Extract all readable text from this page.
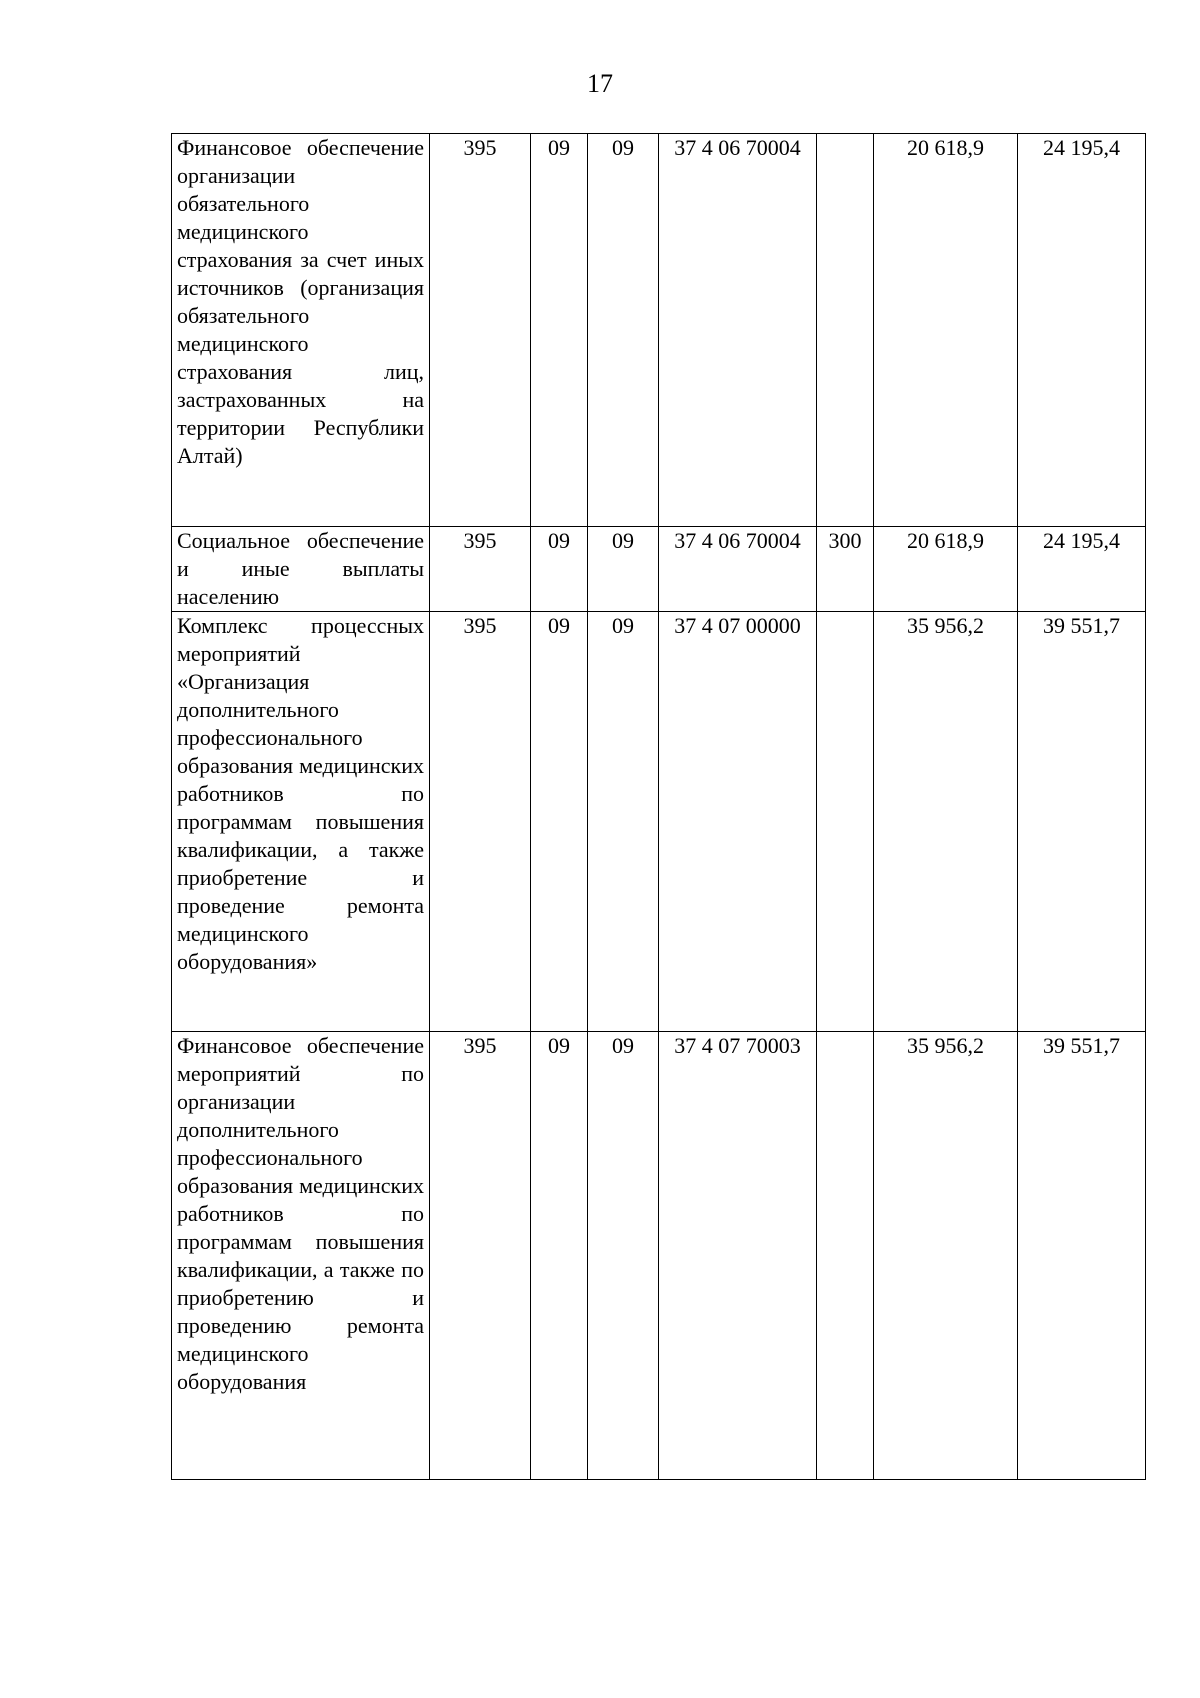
17
Финансовое обеспечение организации обязательного медицинского страхования за счет иных источников (организация обязательного медицинского страхования лиц, застрахованных на территории Республики Алтай)	395	09	09	37 4 06 70004		20 618,9	24 195,4
Социальное обеспечение и иные выплаты населению	395	09	09	37 4 06 70004	300	20 618,9	24 195,4
Комплекс процессных мероприятий «Организация дополнительного профессионального образования медицинских работников по программам повышения квалификации, а также приобретение и проведение ремонта медицинского оборудования»	395	09	09	37 4 07 00000		35 956,2	39 551,7
Финансовое обеспечение мероприятий по организации дополнительного профессионального образования медицинских работников по программам повышения квалификации, а также по приобретению и проведению ремонта медицинского оборудования	395	09	09	37 4 07 70003		35 956,2	39 551,7
